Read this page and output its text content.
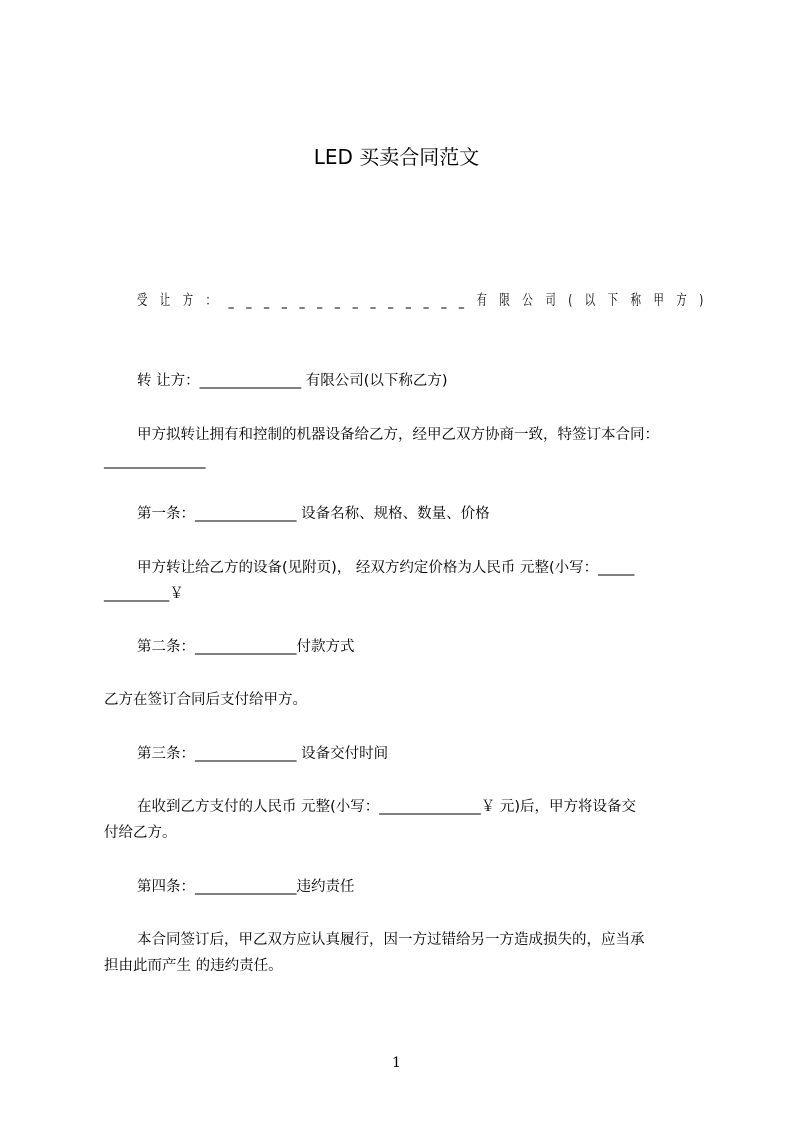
LED 买卖合同范文
受 让 方 ： _ _ _ _ _ _ _ _ _ _ _ _ _ _ 有 限 公 司 ( 以 下 称 甲 方 )
转 让方：______________ 有限公司(以下称乙方)
甲方拟转让拥有和控制的机器设备给乙方，经甲乙双方协商一致，特签订本合同：
______________
第一条：______________ 设备名称、规格、数量、价格
甲方转让给乙方的设备(见附页)， 经双方约定价格为人民币 元整(小写：_____
_________￥
第二条：______________付款方式
乙方在签订合同后支付给甲方。
第三条：______________ 设备交付时间
在收到乙方支付的人民币 元整(小写：______________￥ 元)后，甲方将设备交
付给乙方。
第四条：______________违约责任
本合同签订后，甲乙双方应认真履行，因一方过错给另一方造成损失的，应当承
担由此而产生 的违约责任。
1
